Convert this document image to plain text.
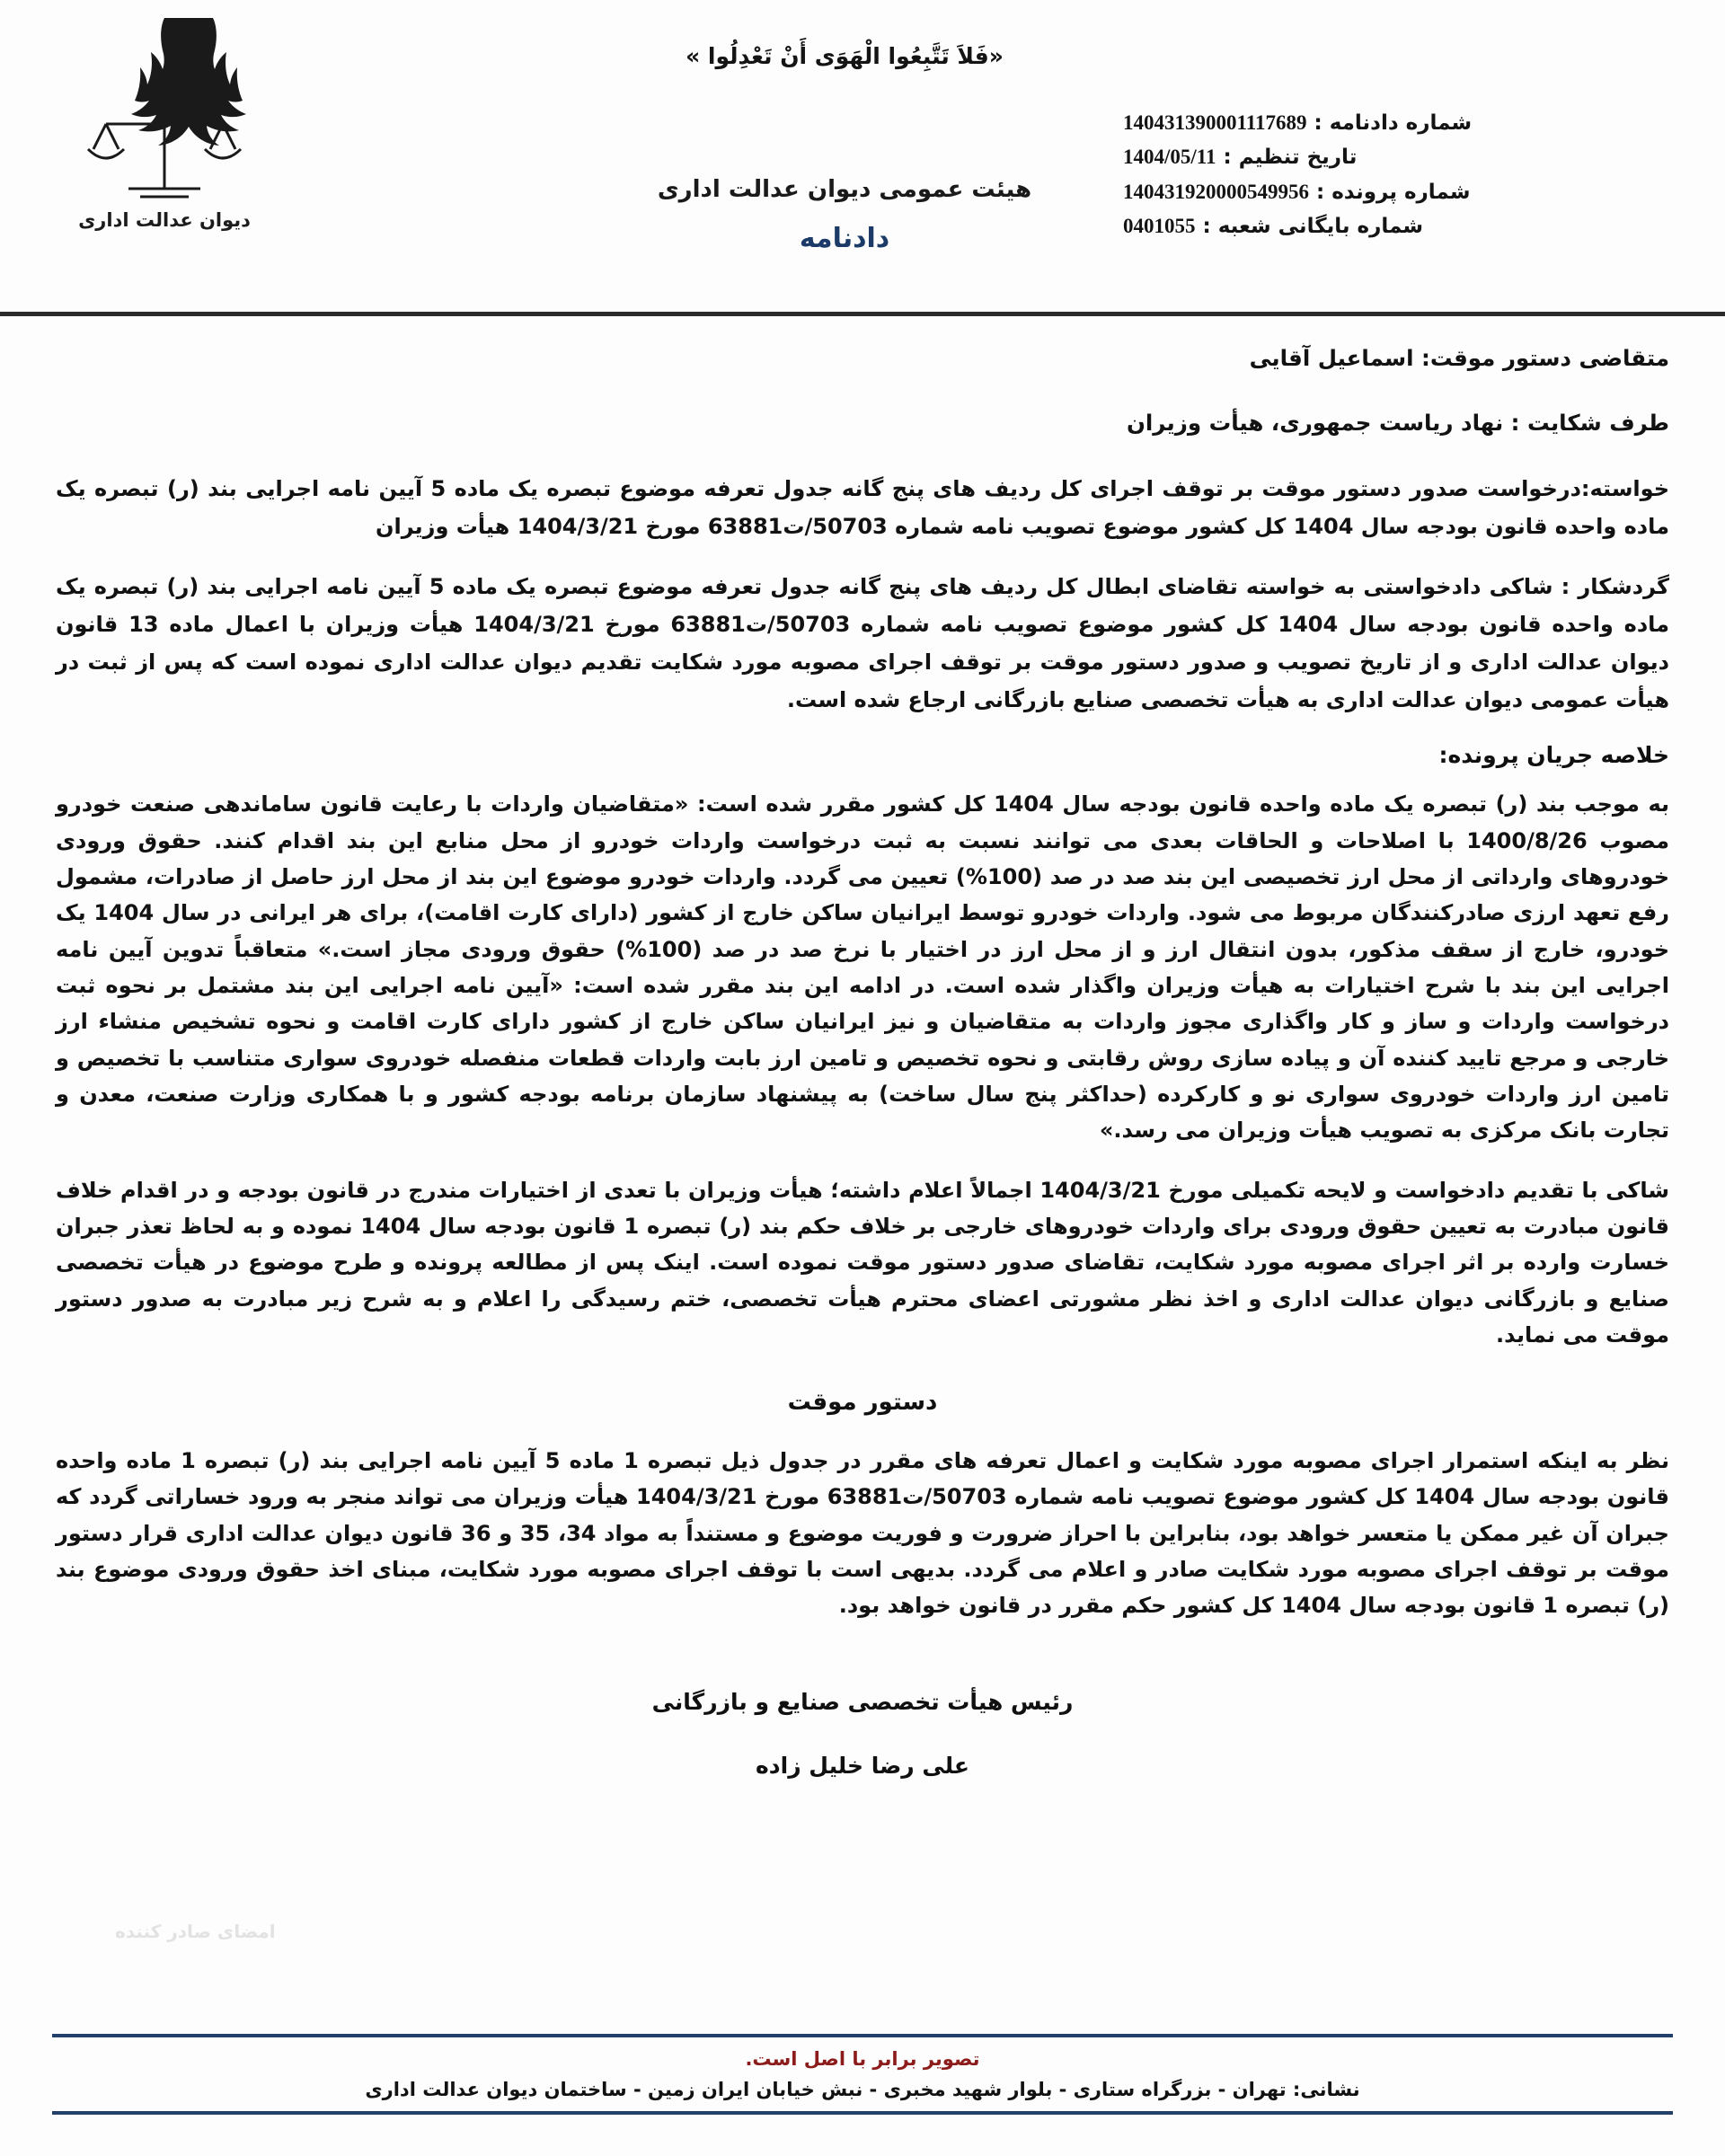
دیوان عدالت اداری
«فَلاَ تَتَّبِعُوا الْهَوَى أَنْ تَعْدِلُوا »
هیئت عمومی دیوان عدالت اداری
دادنامه
شماره دادنامه : 140431390001117689
تاریخ تنظیم : 1404/05/11
شماره پرونده : 140431920000549956
شماره بایگانی شعبه : 0401055

متقاضی دستور موقت: اسماعیل آقایی

طرف شکایت : نهاد ریاست جمهوری، هیأت وزیران

خواسته:درخواست صدور دستور موقت بر توقف اجرای کل ردیف های پنج گانه جدول تعرفه موضوع تبصره یک ماده 5 آیین نامه اجرایی بند (ر) تبصره یک ماده واحده قانون بودجه سال 1404 کل کشور موضوع تصویب نامه شماره 50703/ت63881 مورخ 1404/3/21 هیأت وزیران

گردشکار : شاکی دادخواستی به خواسته تقاضای ابطال کل ردیف های پنج گانه جدول تعرفه موضوع تبصره یک ماده 5 آیین نامه اجرایی بند (ر) تبصره یک ماده واحده قانون بودجه سال 1404 کل کشور موضوع تصویب نامه شماره 50703/ت63881 مورخ 1404/3/21 هیأت وزیران با اعمال ماده 13 قانون دیوان عدالت اداری و از تاریخ تصویب و صدور دستور موقت بر توقف اجرای مصوبه مورد شکایت تقدیم دیوان عدالت اداری نموده است که پس از ثبت در هیأت عمومی دیوان عدالت اداری به هیأت تخصصی صنایع بازرگانی ارجاع شده است.

خلاصه جریان پرونده:

به موجب بند (ر) تبصره یک ماده واحده قانون بودجه سال 1404 کل کشور مقرر شده است: «متقاضیان واردات با رعایت قانون ساماندهی صنعت خودرو مصوب 1400/8/26 با اصلاحات و الحاقات بعدی می توانند نسبت به ثبت درخواست واردات خودرو از محل منابع این بند اقدام کنند. حقوق ورودی خودروهای وارداتی از محل ارز تخصیصی این بند صد در صد (100%) تعیین می گردد. واردات خودرو موضوع این بند از محل ارز حاصل از صادرات، مشمول رفع تعهد ارزی صادرکنندگان مربوط می شود. واردات خودرو توسط ایرانیان ساکن خارج از کشور (دارای کارت اقامت)، برای هر ایرانی در سال 1404 یک خودرو، خارج از سقف مذکور، بدون انتقال ارز و از محل ارز در اختیار با نرخ صد در صد (100%) حقوق ورودی مجاز است.» متعاقباً تدوین آیین نامه اجرایی این بند با شرح اختیارات به هیأت وزیران واگذار شده است. در ادامه این بند مقرر شده است: «آیین نامه اجرایی این بند مشتمل بر نحوه ثبت درخواست واردات و ساز و کار واگذاری مجوز واردات به متقاضیان و نیز ایرانیان ساکن خارج از کشور دارای کارت اقامت و نحوه تشخیص منشاء ارز خارجی و مرجع تایید کننده آن و پیاده سازی روش رقابتی و نحوه تخصیص و تامین ارز بابت واردات قطعات منفصله خودروی سواری متناسب با تخصیص و تامین ارز واردات خودروی سواری نو و کارکرده (حداکثر پنج سال ساخت) به پیشنهاد سازمان برنامه بودجه کشور و با همکاری وزارت صنعت، معدن و تجارت بانک مرکزی به تصویب هیأت وزیران می رسد.»

شاکی با تقدیم دادخواست و لایحه تکمیلی مورخ 1404/3/21 اجمالاً اعلام داشته؛ هیأت وزیران با تعدی از اختیارات مندرج در قانون بودجه و در اقدام خلاف قانون مبادرت به تعیین حقوق ورودی برای واردات خودروهای خارجی بر خلاف حکم بند (ر) تبصره 1 قانون بودجه سال 1404 نموده و به لحاظ تعذر جبران خسارت وارده بر اثر اجرای مصوبه مورد شکایت، تقاضای صدور دستور موقت نموده است. اینک پس از مطالعه پرونده و طرح موضوع در هیأت تخصصی صنایع و بازرگانی دیوان عدالت اداری و اخذ نظر مشورتی اعضای محترم هیأت تخصصی، ختم رسیدگی را اعلام و به شرح زیر مبادرت به صدور دستور موقت می نماید.

دستور موقت

نظر به اینکه استمرار اجرای مصوبه مورد شکایت و اعمال تعرفه های مقرر در جدول ذیل تبصره 1 ماده 5 آیین نامه اجرایی بند (ر) تبصره 1 ماده واحده قانون بودجه سال 1404 کل کشور موضوع تصویب نامه شماره 50703/ت63881 مورخ 1404/3/21 هیأت وزیران می تواند منجر به ورود خساراتی گردد که جبران آن غیر ممکن یا متعسر خواهد بود، بنابراین با احراز ضرورت و فوریت موضوع و مستنداً به مواد 34، 35 و 36 قانون دیوان عدالت اداری قرار دستور موقت بر توقف اجرای مصوبه مورد شکایت صادر و اعلام می گردد. بدیهی است با توقف اجرای مصوبه مورد شکایت، مبنای اخذ حقوق ورودی موضوع بند (ر) تبصره 1 قانون بودجه سال 1404 کل کشور حکم مقرر در قانون خواهد بود.

رئیس هیأت تخصصی صنایع و بازرگانی

علی رضا خلیل زاده

امضای صادر کننده
تصویر برابر با اصل است.
نشانی: تهران - بزرگراه ستاری - بلوار شهید مخبری - نبش خیابان ایران زمین - ساختمان دیوان عدالت اداری
